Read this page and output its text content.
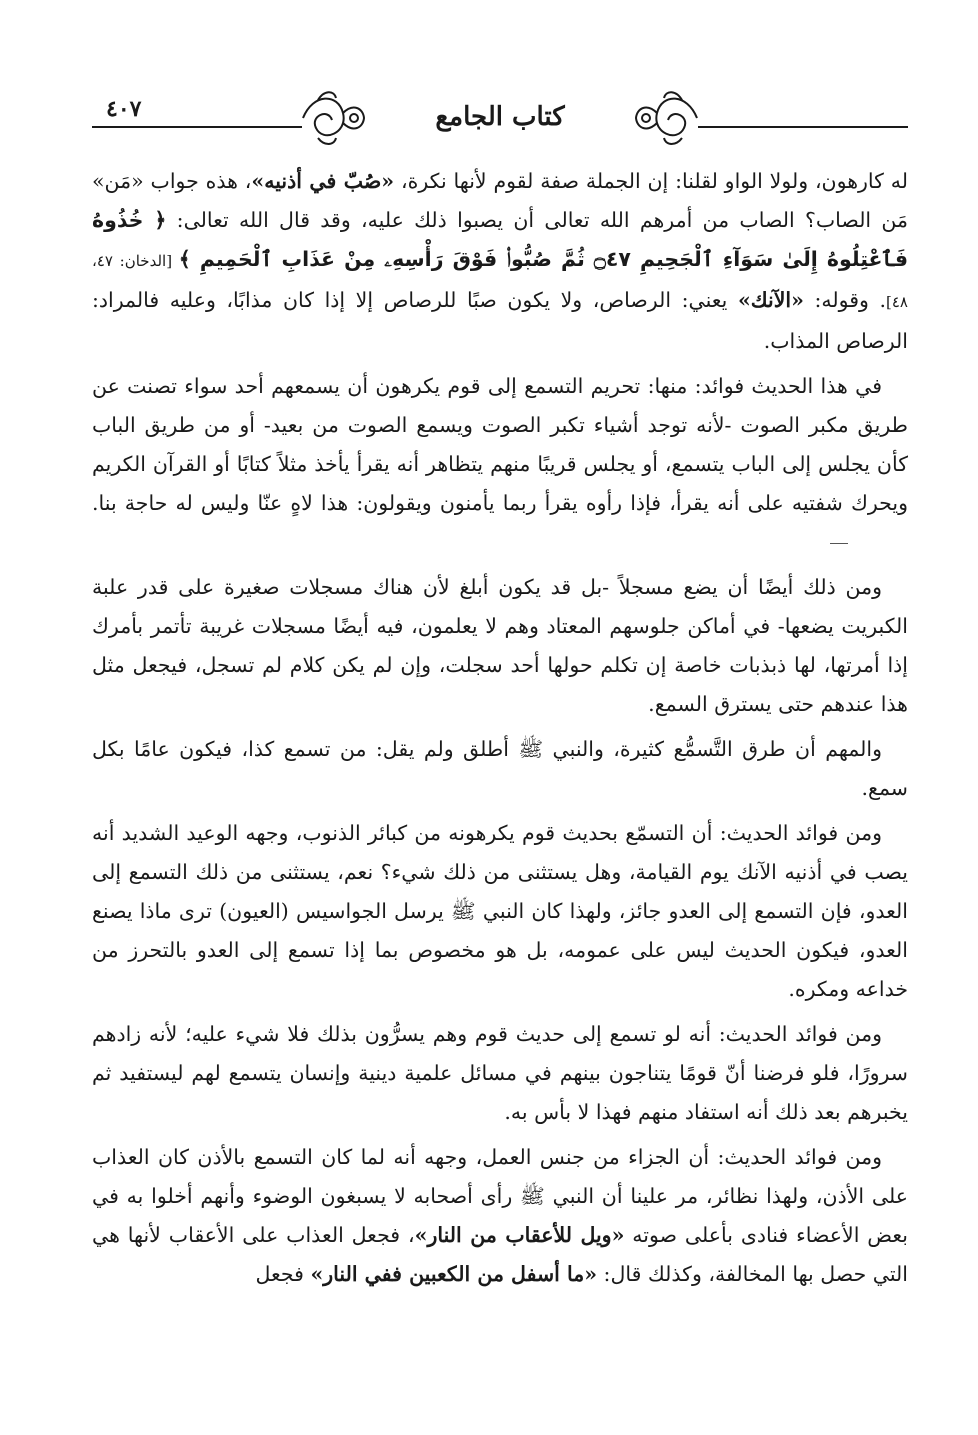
٤٠٧	كتاب الجامع

له كارهون، ولولا الواو لقلنا: إن الجملة صفة لقوم لأنها نكرة، «صُبّ في أذنيه»، هذه جواب «مَن» مَن الصاب؟ الصاب من أمرهم الله تعالى أن يصبوا ذلك عليه، وقد قال الله تعالى: ﴿ خُذُوهُ فَٱعْتِلُوهُ إِلَىٰ سَوَآءِ ٱلْجَحِيمِ ۝٤٧ ثُمَّ صُبُّوا۟ فَوْقَ رَأْسِهِۦ مِنْ عَذَابِ ٱلْحَمِيمِ ﴾ [الدخان: ٤٧، ٤٨]. وقوله: «الآنك» يعني: الرصاص، ولا يكون صبًا للرصاص إلا إذا كان مذابًا، وعليه فالمراد: الرصاص المذاب.

في هذا الحديث فوائد: منها: تحريم التسمع إلى قوم يكرهون أن يسمعهم أحد سواء تصنت عن طريق مكبر الصوت -لأنه توجد أشياء تكبر الصوت ويسمع الصوت من بعيد- أو من طريق الباب كأن يجلس إلى الباب يتسمع، أو يجلس قريبًا منهم يتظاهر أنه يقرأ يأخذ مثلاً كتابًا أو القرآن الكريم ويحرك شفتيه على أنه يقرأ، فإذا رأوه يقرأ ربما يأمنون ويقولون: هذا لاهٍ عنّا وليس له حاجة بنا.

ومن ذلك أيضًا أن يضع مسجلاً -بل قد يكون أبلغ لأن هناك مسجلات صغيرة على قدر علبة الكبريت يضعها- في أماكن جلوسهم المعتاد وهم لا يعلمون، فيه أيضًا مسجلات غريبة تأتمر بأمرك إذا أمرتها، لها ذبذبات خاصة إن تكلم حولها أحد سجلت، وإن لم يكن كلام لم تسجل، فيجعل مثل هذا عندهم حتى يسترق السمع.

والمهم أن طرق التَّسمُّع كثيرة، والنبي ﷺ أطلق ولم يقل: من تسمع كذا، فيكون عامًا بكل سمع.

ومن فوائد الحديث: أن التسمّع بحديث قوم يكرهونه من كبائر الذنوب، وجهه الوعيد الشديد أنه يصب في أذنيه الآنك يوم القيامة، وهل يستثنى من ذلك شيء؟ نعم، يستثنى من ذلك التسمع إلى العدو، فإن التسمع إلى العدو جائز، ولهذا كان النبي ﷺ يرسل الجواسيس (العيون) ترى ماذا يصنع العدو، فيكون الحديث ليس على عمومه، بل هو مخصوص بما إذا تسمع إلى العدو بالتحرز من خداعه ومكره.

ومن فوائد الحديث: أنه لو تسمع إلى حديث قوم وهم يسرُّون بذلك فلا شيء عليه؛ لأنه زادهم سرورًا، فلو فرضنا أنّ قومًا يتناجون بينهم في مسائل علمية دينية وإنسان يتسمع لهم ليستفيد ثم يخبرهم بعد ذلك أنه استفاد منهم فهذا لا بأس به.

ومن فوائد الحديث: أن الجزاء من جنس العمل، وجهه أنه لما كان التسمع بالأذن كان العذاب على الأذن، ولهذا نظائر، مر علينا أن النبي ﷺ رأى أصحابه لا يسبغون الوضوء وأنهم أخلوا به في بعض الأعضاء فنادى بأعلى صوته «ويل للأعقاب من النار»، فجعل العذاب على الأعقاب لأنها هي التي حصل بها المخالفة، وكذلك قال: «ما أسفل من الكعبين ففي النار» فجعل
